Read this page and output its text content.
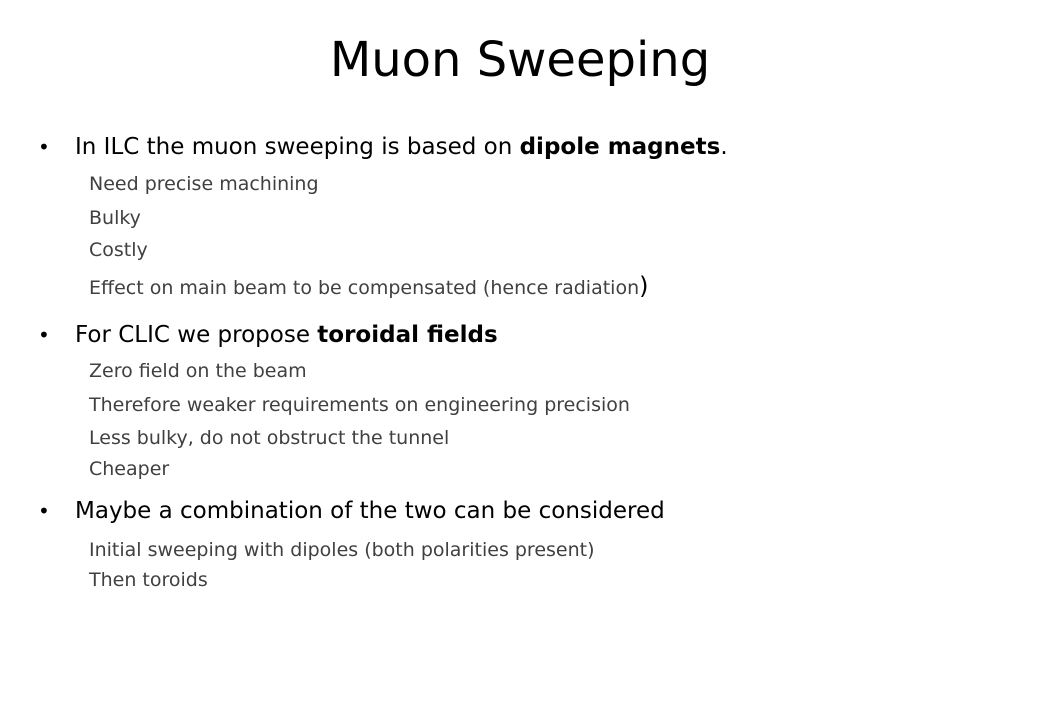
Muon Sweeping
• In ILC the muon sweeping is based on dipole magnets.
Need precise machining
Bulky
Costly
Effect on main beam to be compensated (hence radiation)
• For CLIC we propose toroidal fields
Zero field on the beam
Therefore weaker requirements on engineering precision
Less bulky, do not obstruct the tunnel
Cheaper
• Maybe a combination of the two can be considered
Initial sweeping with dipoles (both polarities present)
Then toroids
